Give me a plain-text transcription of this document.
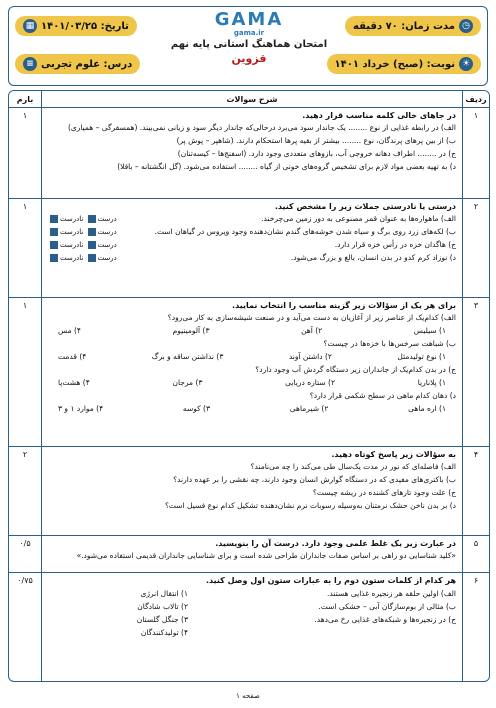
◷
مدت زمان: ۷۰ دقیقه
تاریخ: ۱۴۰۱/۰۳/۲۵
▦
☀
نوبت: (صبح) خرداد ۱۴۰۱
درس: علوم تجربی
≡
GAMA
gama.ir
امتحان هماهنگ استانی پایه نهم
قزوین
ردیف
شرح سوالات
بارم
۱
در جاهای خالی کلمه مناسب قرار دهید.
الف) در رابطه غذایی از نوع ........ یک جاندار سود می‌برد درحالی‌که جاندار دیگر سود و زیانی نمی‌بیند. (همسفرگی – همیاری)
ب) از بین پرهای پرندگان، نوع ........ بیشتر از بقیه پرها استحکام دارند. (شاهپر – پوش پر)
ج) در ........ اطراف دهانه خروجی آب، بازوهای متعددی وجود دارد. (اسفنج‌ها – کیسه‌تنان)
د) به تهیه بعضی مواد لازم برای تشخیص گروه‌های خونی از گیاه ........ استفاده می‌شود. (گل انگشتانه – باقلا)
۱
۲
درستی یا نادرستی جملات زیر را مشخص کنید.
الف) ماهواره‌ها به عنوان قمر مصنوعی به دور زمین می‌چرخند.
درست نادرست
ب) لکه‌های زرد روی برگ و سیاه شدن خوشه‌های گندم نشان‌دهنده وجود ویروس در گیاهان است.
درست نادرست
ج) هاگدان خزه در رأس خزه قرار دارد.
درست نادرست
د) نوزاد کرم کدو در بدن انسان، بالغ و بزرگ می‌شود.
درست نادرست
۱
۳
برای هر یک از سؤالات زیر گزینه مناسب را انتخاب نمایید.
الف) کدام‌یک از عناصر زیر از آغازیان به دست می‌آید و در صنعت شیشه‌سازی به کار می‌رود؟
۱) سیلیس
۲) آهن
۳) آلومینیوم
۴) مس
ب) شباهت سرخس‌ها با خزه‌ها در چیست؟
۱) نوع تولیدمثل
۲) داشتن آوند
۳) نداشتن ساقه و برگ
۴) قدمت
ج) در بدن کدام‌یک از جانداران زیر دستگاه گردش آب وجود دارد؟
۱) پلاناریا
۲) ستاره دریایی
۳) مرجان
۴) هشت‌پا
د) دهان کدام ماهی در سطح شکمی قرار دارد؟
۱) اره ماهی
۲) شیرماهی
۳) کوسه
۴) موارد ۱ و ۳
۱
۴
به سؤالات زیر پاسخ کوتاه دهید.
الف) فاصله‌ای که نور در مدت یک‌سال طی می‌کند را چه می‌نامند؟
ب) باکتری‌های مفیدی که در دستگاه گوارش انسان وجود دارند، چه نقشی را بر عهده دارند؟
ج) علت وجود تارهای کشنده در ریشه چیست؟
د) بر بدن ناخن حشک نرمتنان به‌وسیله رسوبات نرم نشان‌دهنده تشکیل کدام نوع فسیل است؟
۲
۵
در عبارت زیر یک غلط علمی وجود دارد. درست آن را بنویسید.
«کلید شناسایی دو راهی بر اساس صفات جانداران طراحی شده است و برای شناسایی جانداران قدیمی استفاده می‌شود.»
۰/۵
۶
هر کدام از کلمات ستون دوم را به عبارات ستون اول وصل کنید.
الف) اولین حلقه هر زنجیره غذایی هستند.
ب) مثالی از بوم‌سازگان آبی – خشکی است.
ج) در زنجیره‌ها و شبکه‌های غذایی رخ می‌دهد.
۱) انتقال انرژی
۲) تالاب شادگان
۳) جنگل گلستان
۴) تولیدکنندگان
۰/۷۵
صفحه ۱
